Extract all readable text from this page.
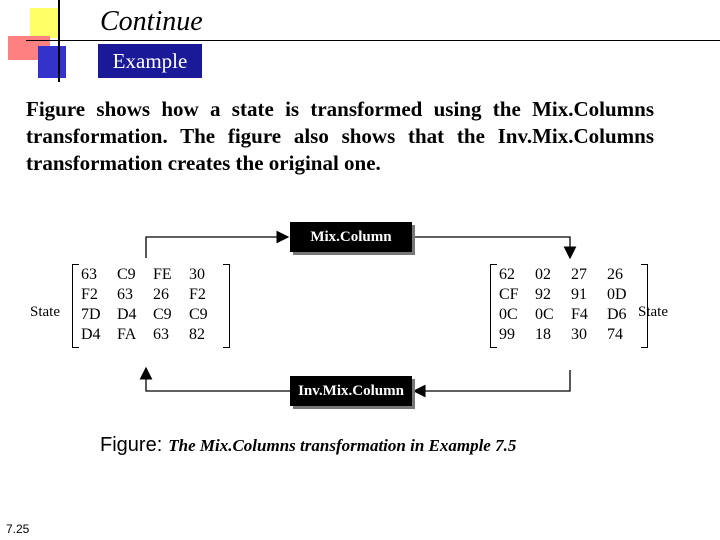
Continue
Example
Figure shows how a state is transformed using the Mix.Columns transformation. The figure also shows that the Inv.Mix.Columns transformation creates the original one.
Mix.Column
Inv.Mix.Column
State	State
63	C9	FE	30
F2	63	26	F2
7D	D4	C9	C9
D4	FA	63	82
62	02	27	26
CF	92	91	0D
0C	0C	F4	D6
99	18	30	74
Figure: The Mix.Columns transformation in Example 7.5
7.25
